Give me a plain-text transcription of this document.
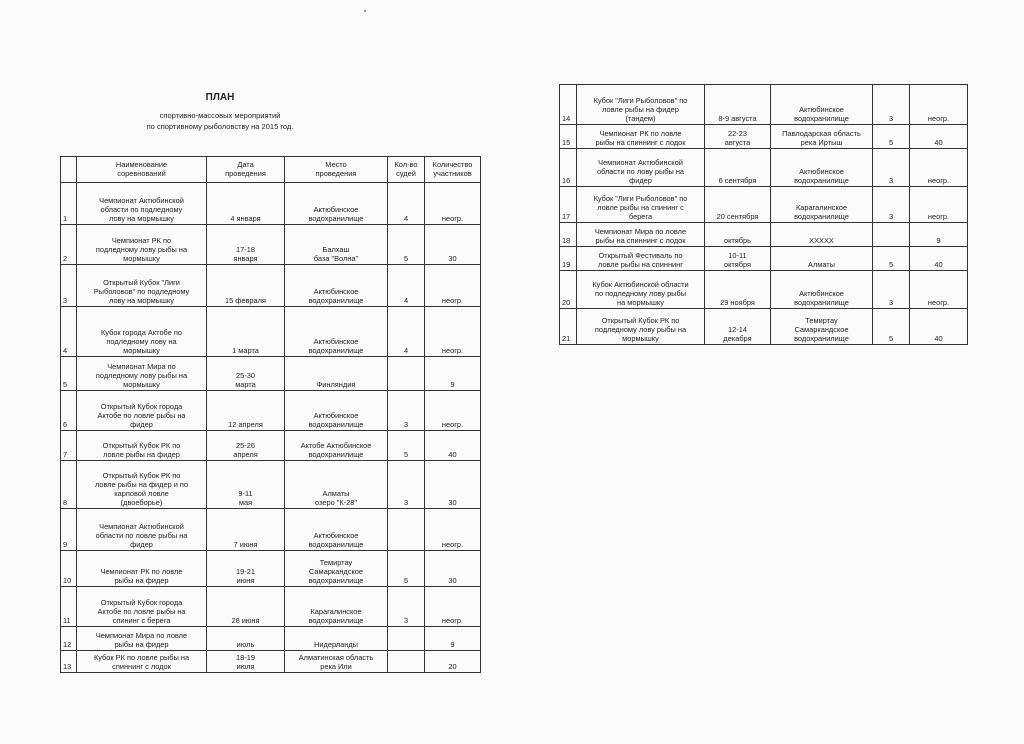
ПЛАН
спортивно-массовых мероприятий
по спортивному рыболовству на 2015 год.

	Наименование
соревнований	Дата
проведения	Место
проведения	Кол-во
судей	Количество
участников

1	Чемпионат Актюбинской
области по подледному
лову на мормышку	4 января	Актюбинское
водохранилище	4	неогр.
2	Чемпионат РК по
подледному лову рыбы на
мормышку	17-18
января	Балхаш
база "Волна"	5	30
3	Открытый Кубок "Лиги
Рыболовов" по подледному
лову на мормышку	15 февраля	Актюбинское
водохранилище	4	неогр.
4	Кубок города Актобе по
подледному лову на
мормышку	1 марта	Актюбинское
водохранилище	4	неогр.
5	Чемпионат Мира по
подледному лову рыбы на
мормышку	25-30
марта	Финляндия		9
6	Открытый Кубок города
Актобе по ловле рыбы на
фидер	12 апреля	Актюбинское
водохранилище	3	неогр.
7	Открытый Кубок РК по
ловле рыбы на фидер	25-26
апреля	Актобе Актюбинское
водохранилище	5	40
8	Открытый Кубок РК по
ловле рыбы на фидер и по
карповой ловле
(двоеборье)	9-11
мая	Алматы
озеро "К-28"	3	30
9	Чемпионат Актюбинской
области по ловле рыбы на
фидер	7 июня	Актюбинское
водохранилище		неогр.
10	Чемпионат РК по ловле
рыбы на фидер	19-21
июня	Темиртау
Самаркандское
водохранилище	5	30
11	Открытый Кубок города
Актобе по ловле рыбы на
спининг с берега	28 июня	Карагалинское
водохранилище	3	неогр.
12	Чемпионат Мира по ловле
рыбы на фидер	июль	Нидерланды		9
13	Кубок РК по ловле рыбы на
спиннинг с лодок	18-19
июля	Алматинская область
река Или		20
14	Кубок "Лиги Рыболовов" по
ловле рыбы на фидер
(тандем)	8-9 августа	Актюбинское
водохранилище	3	неогр.
15	Чемпионат РК по ловле
рыбы на спиннинг с лодок	22-23
августа	Павлодарская область
река Иртыш	5	40
16	Чемпионат Актюбинской
области по лову рыбы на
фидер	6 сентября	Актюбинское
водохранилище	3	неогр.
17	Кубок "Лиги Рыболовов" по
ловле рыбы на спининг с
берега	20 сентября	Карагалинское
водохранилище	3	неогр.
18	Чемпионат Мира по ловле
рыбы на спиннинг с лодок	октябрь	ХХХХХ		9
19	Открытый Фестиваль по
ловле рыбы на спиннинг	10-11
октября	Алматы	5	40
20	Кубок Актюбинской области
по подледному лову рыбы
на мормышку	29 ноября	Актюбинское
водохранилище	3	неогр.
21	Открытый Кубок РК по
подледному лову рыбы на
мормышку	12-14
декабря	Темиртау
Самаркандское
водохранилище	5	40
